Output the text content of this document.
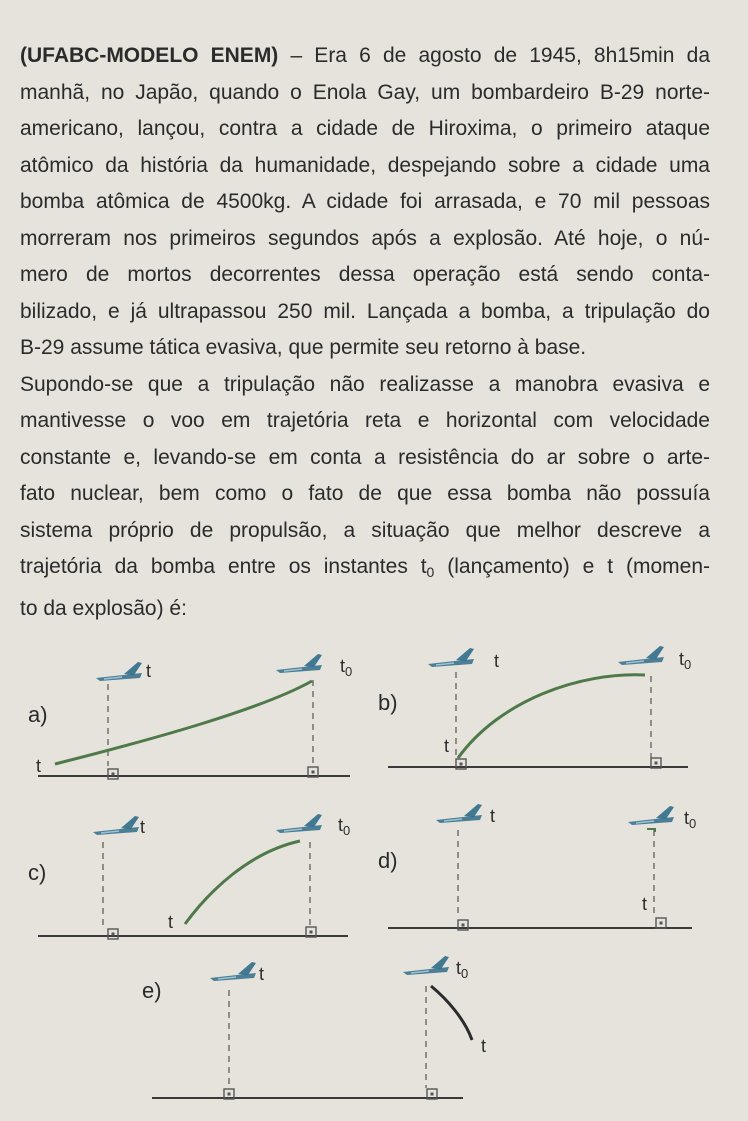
(UFABC-MODELO ENEM) – Era 6 de agosto de 1945, 8h15min da
manhã, no Japão, quando o Enola Gay, um bombardeiro B-29 norte-
americano, lançou, contra a cidade de Hiroxima, o primeiro ataque
atômico da história da humanidade, despejando sobre a cidade uma
bomba atômica de 4500kg. A cidade foi arrasada, e 70 mil pessoas
morreram nos primeiros segundos após a explosão. Até hoje, o nú-
mero de mortos decorrentes dessa operação está sendo conta-
bilizado, e já ultrapassou 250 mil. Lançada a bomba, a tripulação do
B-29 assume tática evasiva, que permite seu retorno à base.
Supondo-se que a tripulação não realizasse a manobra evasiva e
mantivesse o voo em trajetória reta e horizontal com velocidade
constante e, levando-se em conta a resistência do ar sobre o arte-
fato nuclear, bem como o fato de que essa bomba não possuía
sistema próprio de propulsão, a situação que melhor descreve a
trajetória da bomba entre os instantes $t_0$ (lançamento) e t (momen-
to da explosão) é:
a)
t
t
$t_0$
b)
t
t
$t_0$
c)
t
t
$t_0$
d)
t
t
$t_0$
e)
t
t
$t_0$
